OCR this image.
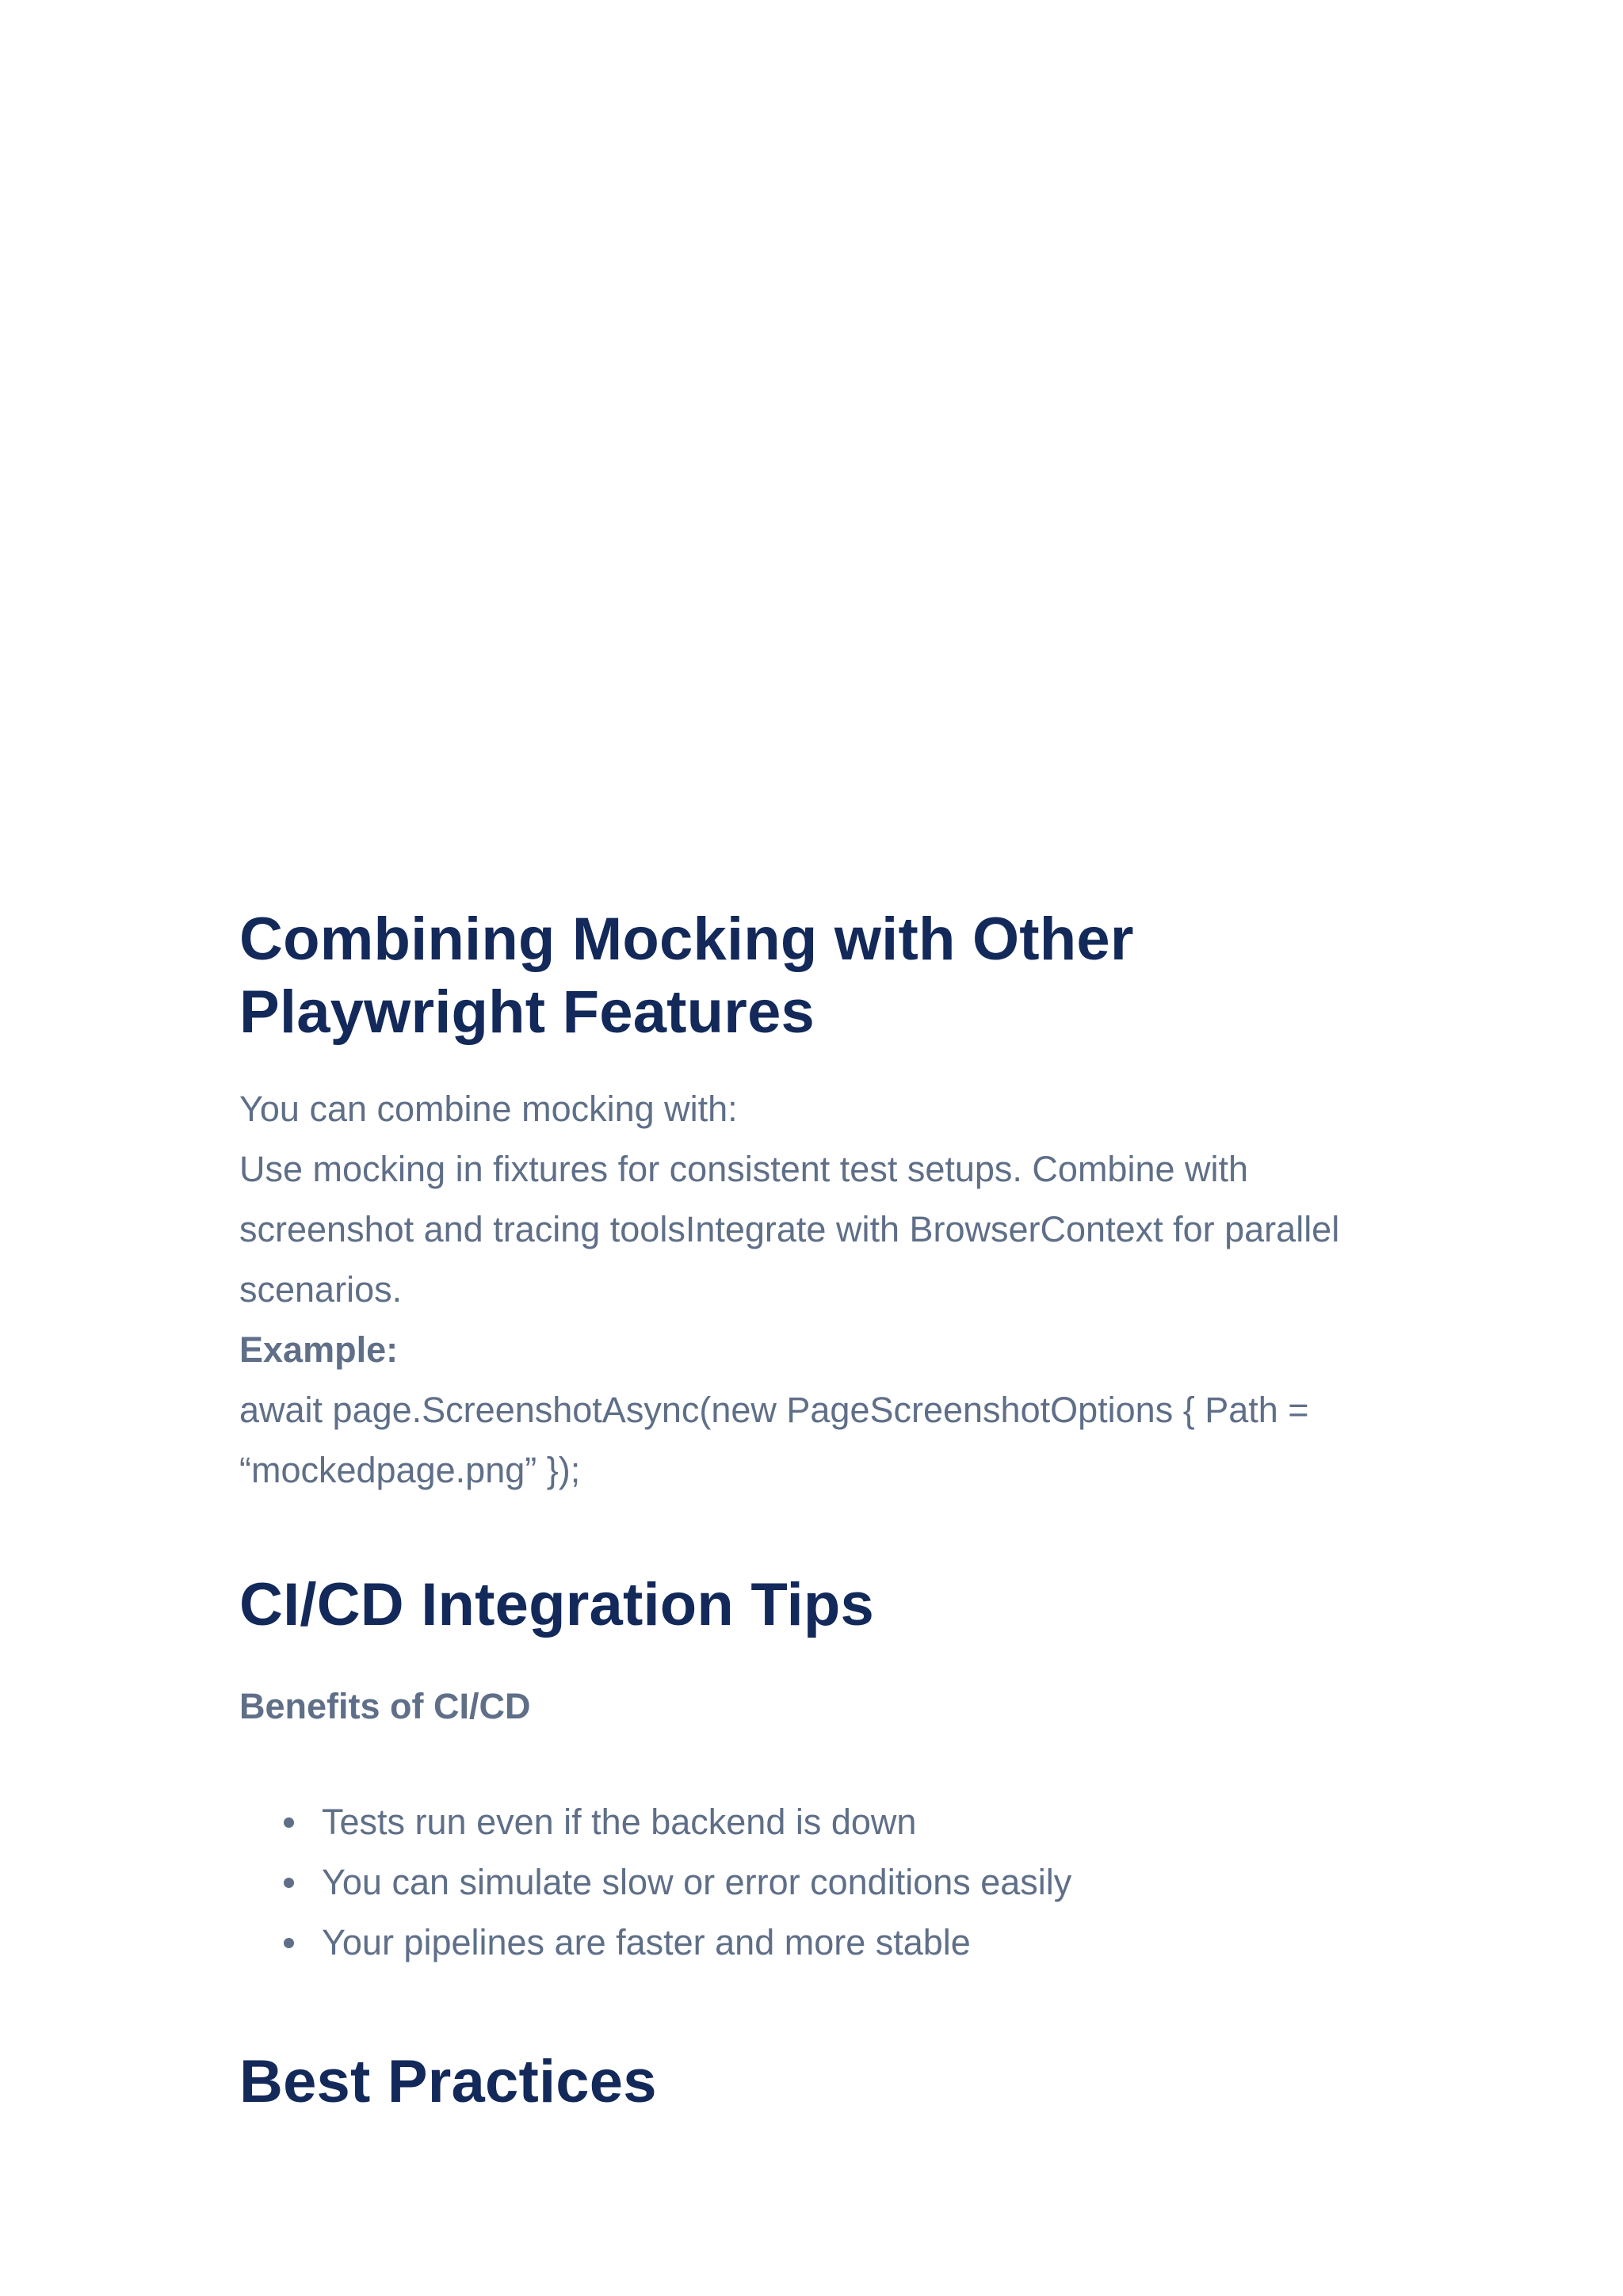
Combining Mocking with Other Playwright Features

You can combine mocking with:

Use mocking in fixtures for consistent test setups. Combine with screenshot and tracing toolsIntegrate with BrowserContext for parallel scenarios.

Example:

await page.ScreenshotAsync(new PageScreenshotOptions { Path = “mockedpage.png” });

CI/CD Integration Tips

Benefits of CI/CD

Tests run even if the backend is down
You can simulate slow or error conditions easily
Your pipelines are faster and more stable
Best Practices
